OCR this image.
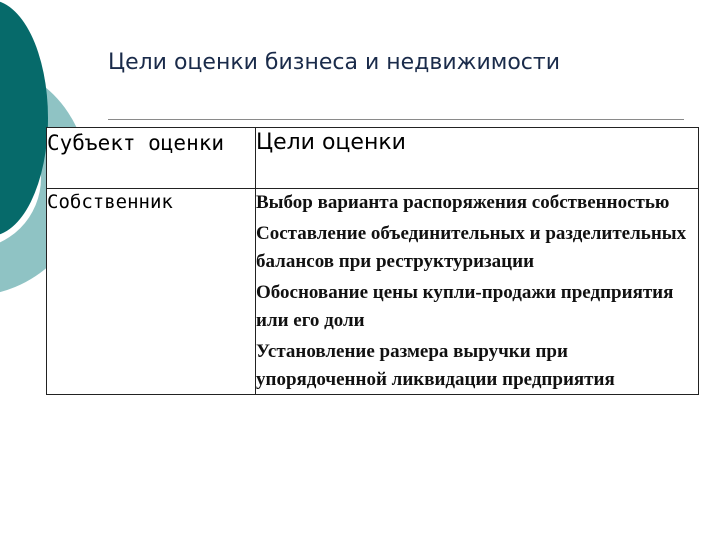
Цели оценки бизнеса и недвижимости
Субъект оценки	Цели оценки
Собственник	Выбор варианта распоряжения собственностью
Составление объединительных и разделительных балансов при реструктуризации
Обоснование цены купли-продажи предприятия или его доли
Установление размера выручки при упорядоченной ликвидации предприятия
